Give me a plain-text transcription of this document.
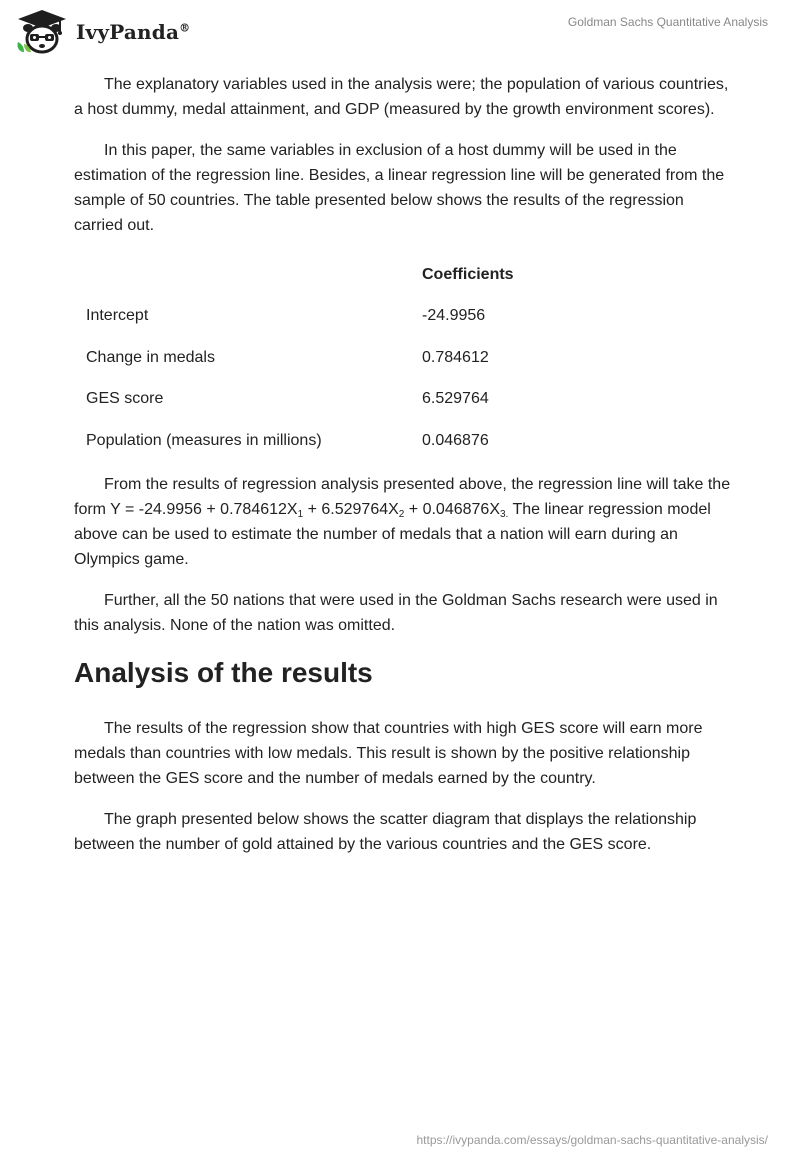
IvyPanda®	Goldman Sachs Quantitative Analysis

The explanatory variables used in the analysis were; the population of various countries, a host dummy, medal attainment, and GDP (measured by the growth environment scores).

In this paper, the same variables in exclusion of a host dummy will be used in the estimation of the regression line. Besides, a linear regression line will be generated from the sample of 50 countries. The table presented below shows the results of the regression carried out.

	Coefficients
Intercept	-24.9956
Change in medals	0.784612
GES score	6.529764
Population (measures in millions)	0.046876

From the results of regression analysis presented above, the regression line will take the form $Y = -24.9956 + 0.784612X_1 + 6.529764X_2 + 0.046876X_{3.}$ The linear regression model above can be used to estimate the number of medals that a nation will earn during an Olympics game.

Further, all the 50 nations that were used in the Goldman Sachs research were used in this analysis. None of the nation was omitted.

Analysis of the results

The results of the regression show that countries with high GES score will earn more medals than countries with low medals. This result is shown by the positive relationship between the GES score and the number of medals earned by the country.

The graph presented below shows the scatter diagram that displays the relationship between the number of gold attained by the various countries and the GES score.

https://ivypanda.com/essays/goldman-sachs-quantitative-analysis/
